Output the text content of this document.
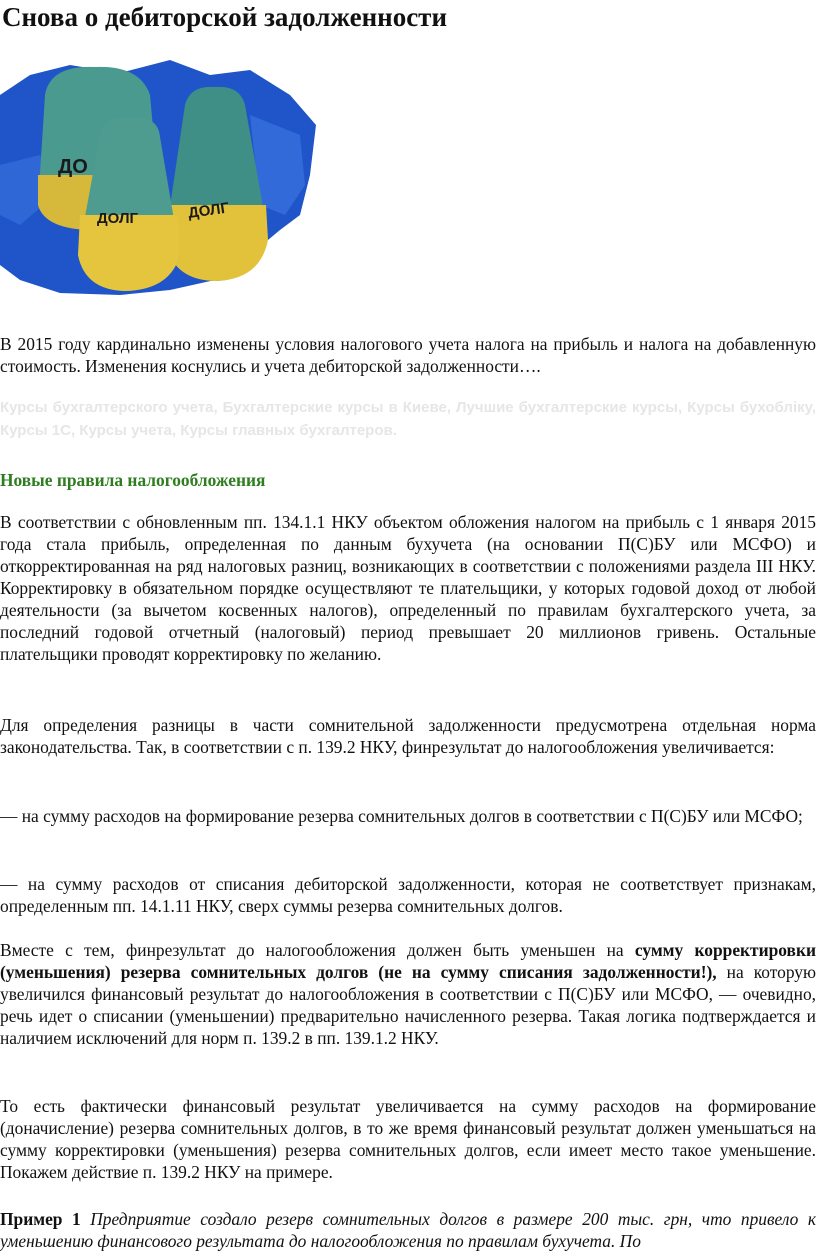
Снова о дебиторской задолженности
ДО
ДОЛГ
ДОЛГ

В 2015 году кардинально изменены условия налогового учета налога на прибыль и налога на добавленную стоимость. Изменения коснулись и учета дебиторской задолженности….

Курсы бухгалтерского учета, Бухгалтерские курсы в Киеве, Лучшие бухгалтерские курсы, Курсы бухобліку, Курсы 1С, Курсы учета, Курсы главных бухгалтеров.

Новые правила налогообложения

В соответствии с обновленным пп. 134.1.1 НКУ объектом обложения налогом на прибыль с 1 января 2015 года стала прибыль, определенная по данным бухучета (на основании П(С)БУ или МСФО) и откорректированная на ряд налоговых разниц, возникающих в соответствии с положениями раздела III НКУ. Корректировку в обязательном порядке осуществляют те плательщики, у которых годовой доход от любой деятельности (за вычетом косвенных налогов), определенный по правилам бухгалтерского учета, за последний годовой отчетный (налоговый) период превышает 20 миллионов гривень. Остальные плательщики проводят корректировку по желанию.

Для определения разницы в части сомнительной задолженности предусмотрена отдельная норма законодательства. Так, в соответствии с п. 139.2 НКУ, финрезультат до налогообложения увеличивается:

— на сумму расходов на формирование резерва сомнительных долгов в соответствии с П(С)БУ или МСФО;

— на сумму расходов от списания дебиторской задолженности, которая не соответствует признакам, определенным пп. 14.1.11 НКУ, сверх суммы резерва сомнительных долгов.

Вместе с тем, финрезультат до налогообложения должен быть уменьшен на сумму корректировки (уменьшения) резерва сомнительных долгов (не на сумму списания задолженности!), на которую увеличился финансовый результат до налогообложения в соответствии с П(С)БУ или МСФО, — очевидно, речь идет о списании (уменьшении) предварительно начисленного резерва. Такая логика подтверждается и наличием исключений для норм п. 139.2 в пп. 139.1.2 НКУ.

То есть фактически финансовый результат увеличивается на сумму расходов на формирование (доначисление) резерва сомнительных долгов, в то же время финансовый результат должен уменьшаться на сумму корректировки (уменьшения) резерва сомнительных долгов, если имеет место такое уменьшение. Покажем действие п. 139.2 НКУ на примере.

Пример 1 Предприятие создало резерв сомнительных долгов в размере 200 тыс. грн, что привело к уменьшению финансового результата до налогообложения по правилам бухучета. По
